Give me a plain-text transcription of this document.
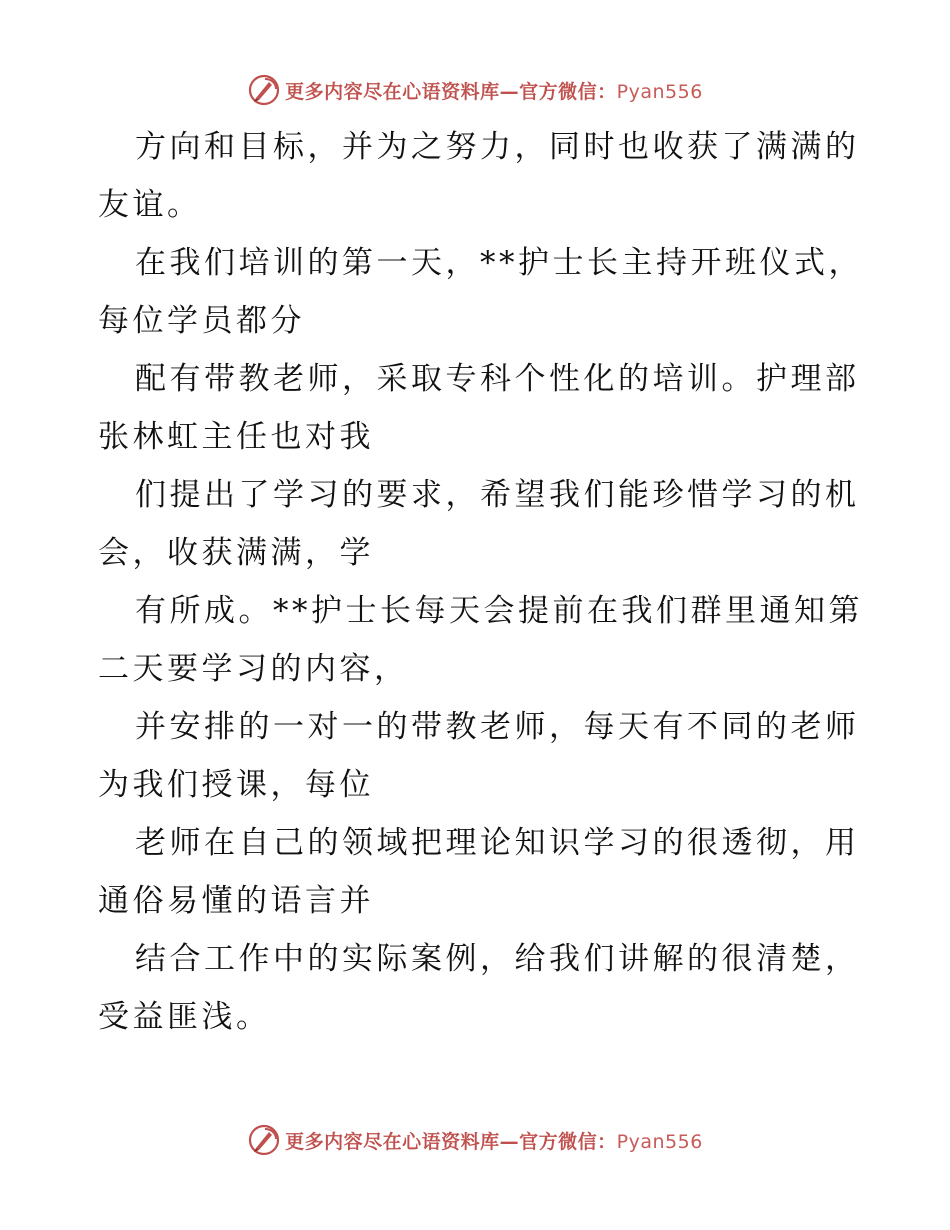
更多内容尽在心语资料库—官方微信：Pyan556
方向和目标，并为之努力，同时也收获了满满的
友谊。
在我们培训的第一天，**护士长主持开班仪式，
每位学员都分
配有带教老师，采取专科个性化的培训。护理部
张林虹主任也对我
们提出了学习的要求，希望我们能珍惜学习的机
会，收获满满，学
有所成。**护士长每天会提前在我们群里通知第
二天要学习的内容，
并安排的一对一的带教老师，每天有不同的老师
为我们授课，每位
老师在自己的领域把理论知识学习的很透彻，用
通俗易懂的语言并
结合工作中的实际案例，给我们讲解的很清楚，
受益匪浅。
更多内容尽在心语资料库—官方微信：Pyan556
